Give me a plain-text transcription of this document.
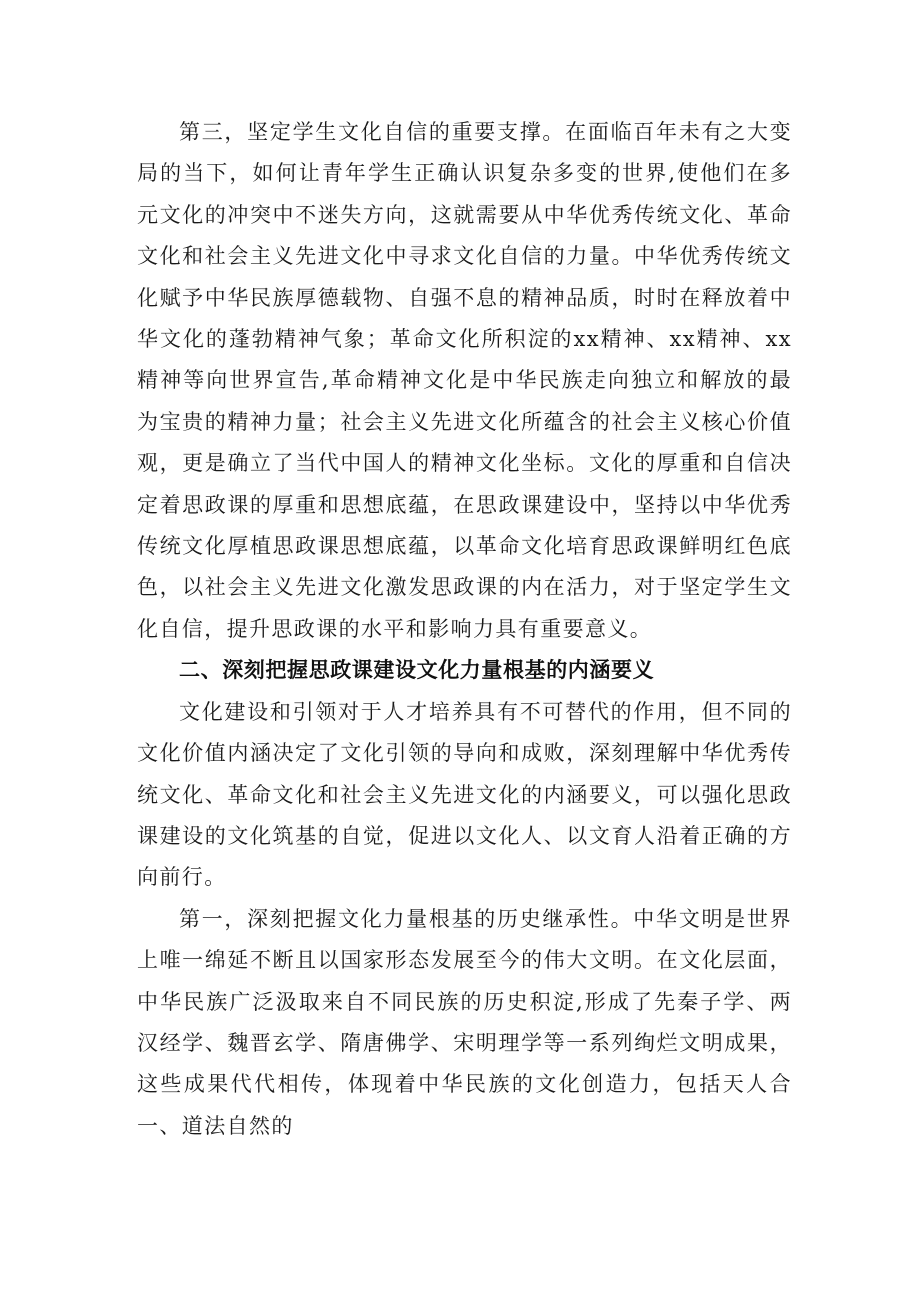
第三，坚定学生文化自信的重要支撑。在面临百年未有之大变局的当下，如何让青年学生正确认识复杂多变的世界,使他们在多元文化的冲突中不迷失方向，这就需要从中华优秀传统文化、革命文化和社会主义先进文化中寻求文化自信的力量。中华优秀传统文化赋予中华民族厚德载物、自强不息的精神品质，时时在释放着中华文化的蓬勃精神气象；革命文化所积淀的xx精神、xx精神、xx精神等向世界宣告,革命精神文化是中华民族走向独立和解放的最为宝贵的精神力量；社会主义先进文化所蕴含的社会主义核心价值观，更是确立了当代中国人的精神文化坐标。文化的厚重和自信决定着思政课的厚重和思想底蕴，在思政课建设中，坚持以中华优秀传统文化厚植思政课思想底蕴，以革命文化培育思政课鲜明红色底色，以社会主义先进文化激发思政课的内在活力，对于坚定学生文化自信，提升思政课的水平和影响力具有重要意义。

二、深刻把握思政课建设文化力量根基的内涵要义

文化建设和引领对于人才培养具有不可替代的作用，但不同的文化价值内涵决定了文化引领的导向和成败，深刻理解中华优秀传统文化、革命文化和社会主义先进文化的内涵要义，可以强化思政课建设的文化筑基的自觉，促进以文化人、以文育人沿着正确的方向前行。

第一，深刻把握文化力量根基的历史继承性。中华文明是世界上唯一绵延不断且以国家形态发展至今的伟大文明。在文化层面，中华民族广泛汲取来自不同民族的历史积淀,形成了先秦子学、两汉经学、魏晋玄学、隋唐佛学、宋明理学等一系列绚烂文明成果，这些成果代代相传，体现着中华民族的文化创造力，包括天人合一、道法自然的
